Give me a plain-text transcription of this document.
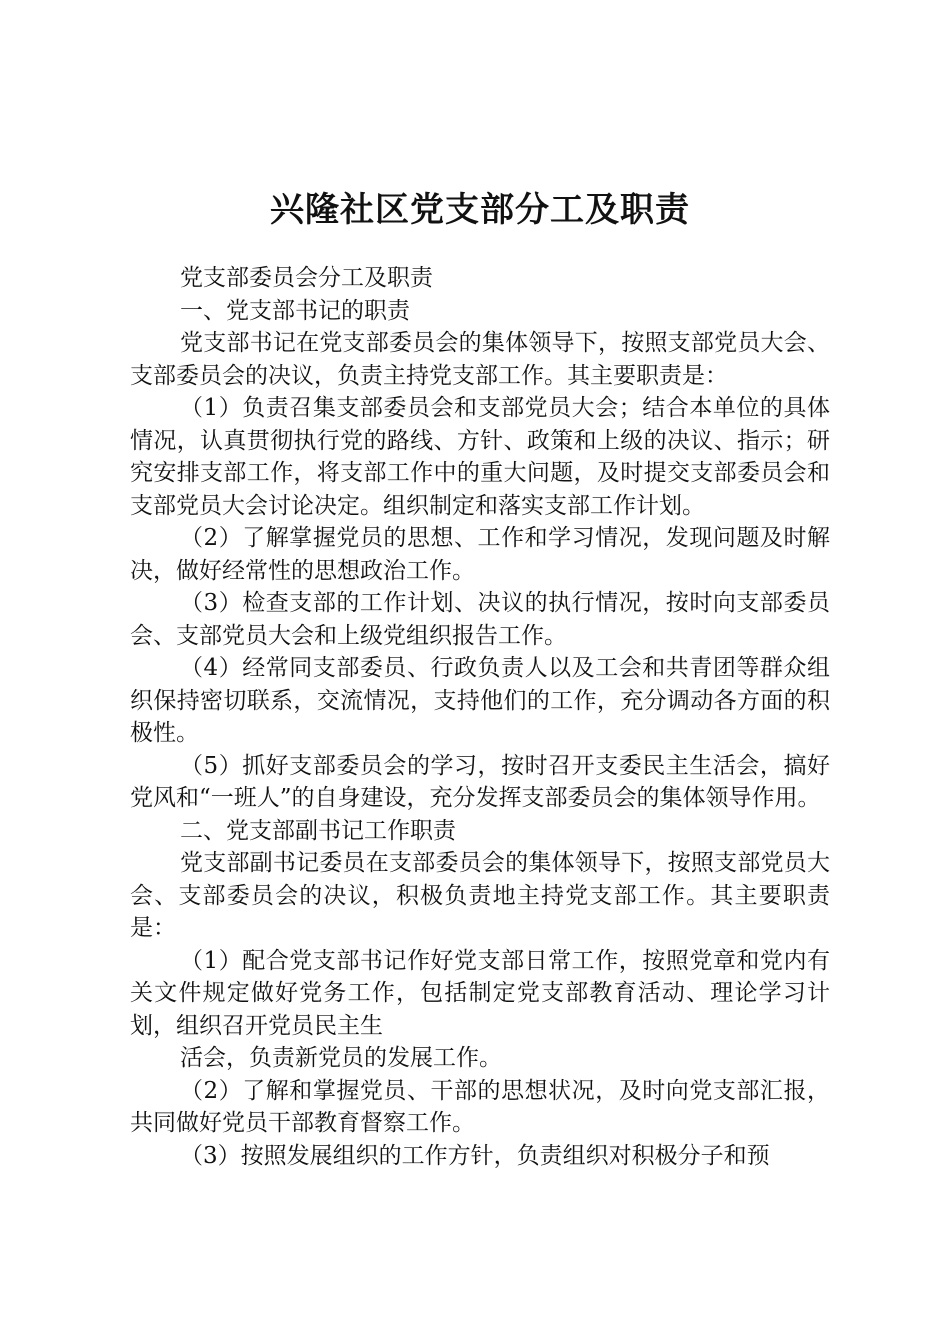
兴隆社区党支部分工及职责

党支部委员会分工及职责

一、党支部书记的职责

党支部书记在党支部委员会的集体领导下，按照支部党员大会、支部委员会的决议，负责主持党支部工作。其主要职责是：

（1）负责召集支部委员会和支部党员大会；结合本单位的具体情况，认真贯彻执行党的路线、方针、政策和上级的决议、指示；研究安排支部工作，将支部工作中的重大问题，及时提交支部委员会和支部党员大会讨论决定。组织制定和落实支部工作计划。

（2）了解掌握党员的思想、工作和学习情况，发现问题及时解决，做好经常性的思想政治工作。

（3）检查支部的工作计划、决议的执行情况，按时向支部委员会、支部党员大会和上级党组织报告工作。

（4）经常同支部委员、行政负责人以及工会和共青团等群众组织保持密切联系，交流情况，支持他们的工作，充分调动各方面的积极性。

（5）抓好支部委员会的学习，按时召开支委民主生活会，搞好党风和“一班人”的自身建设，充分发挥支部委员会的集体领导作用。

二、党支部副书记工作职责

党支部副书记委员在支部委员会的集体领导下，按照支部党员大会、支部委员会的决议，积极负责地主持党支部工作。其主要职责是：

（1）配合党支部书记作好党支部日常工作，按照党章和党内有关文件规定做好党务工作，包括制定党支部教育活动、理论学习计划，组织召开党员民主生

活会，负责新党员的发展工作。

（2）了解和掌握党员、干部的思想状况，及时向党支部汇报，共同做好党员干部教育督察工作。

（3）按照发展组织的工作方针，负责组织对积极分子和预
